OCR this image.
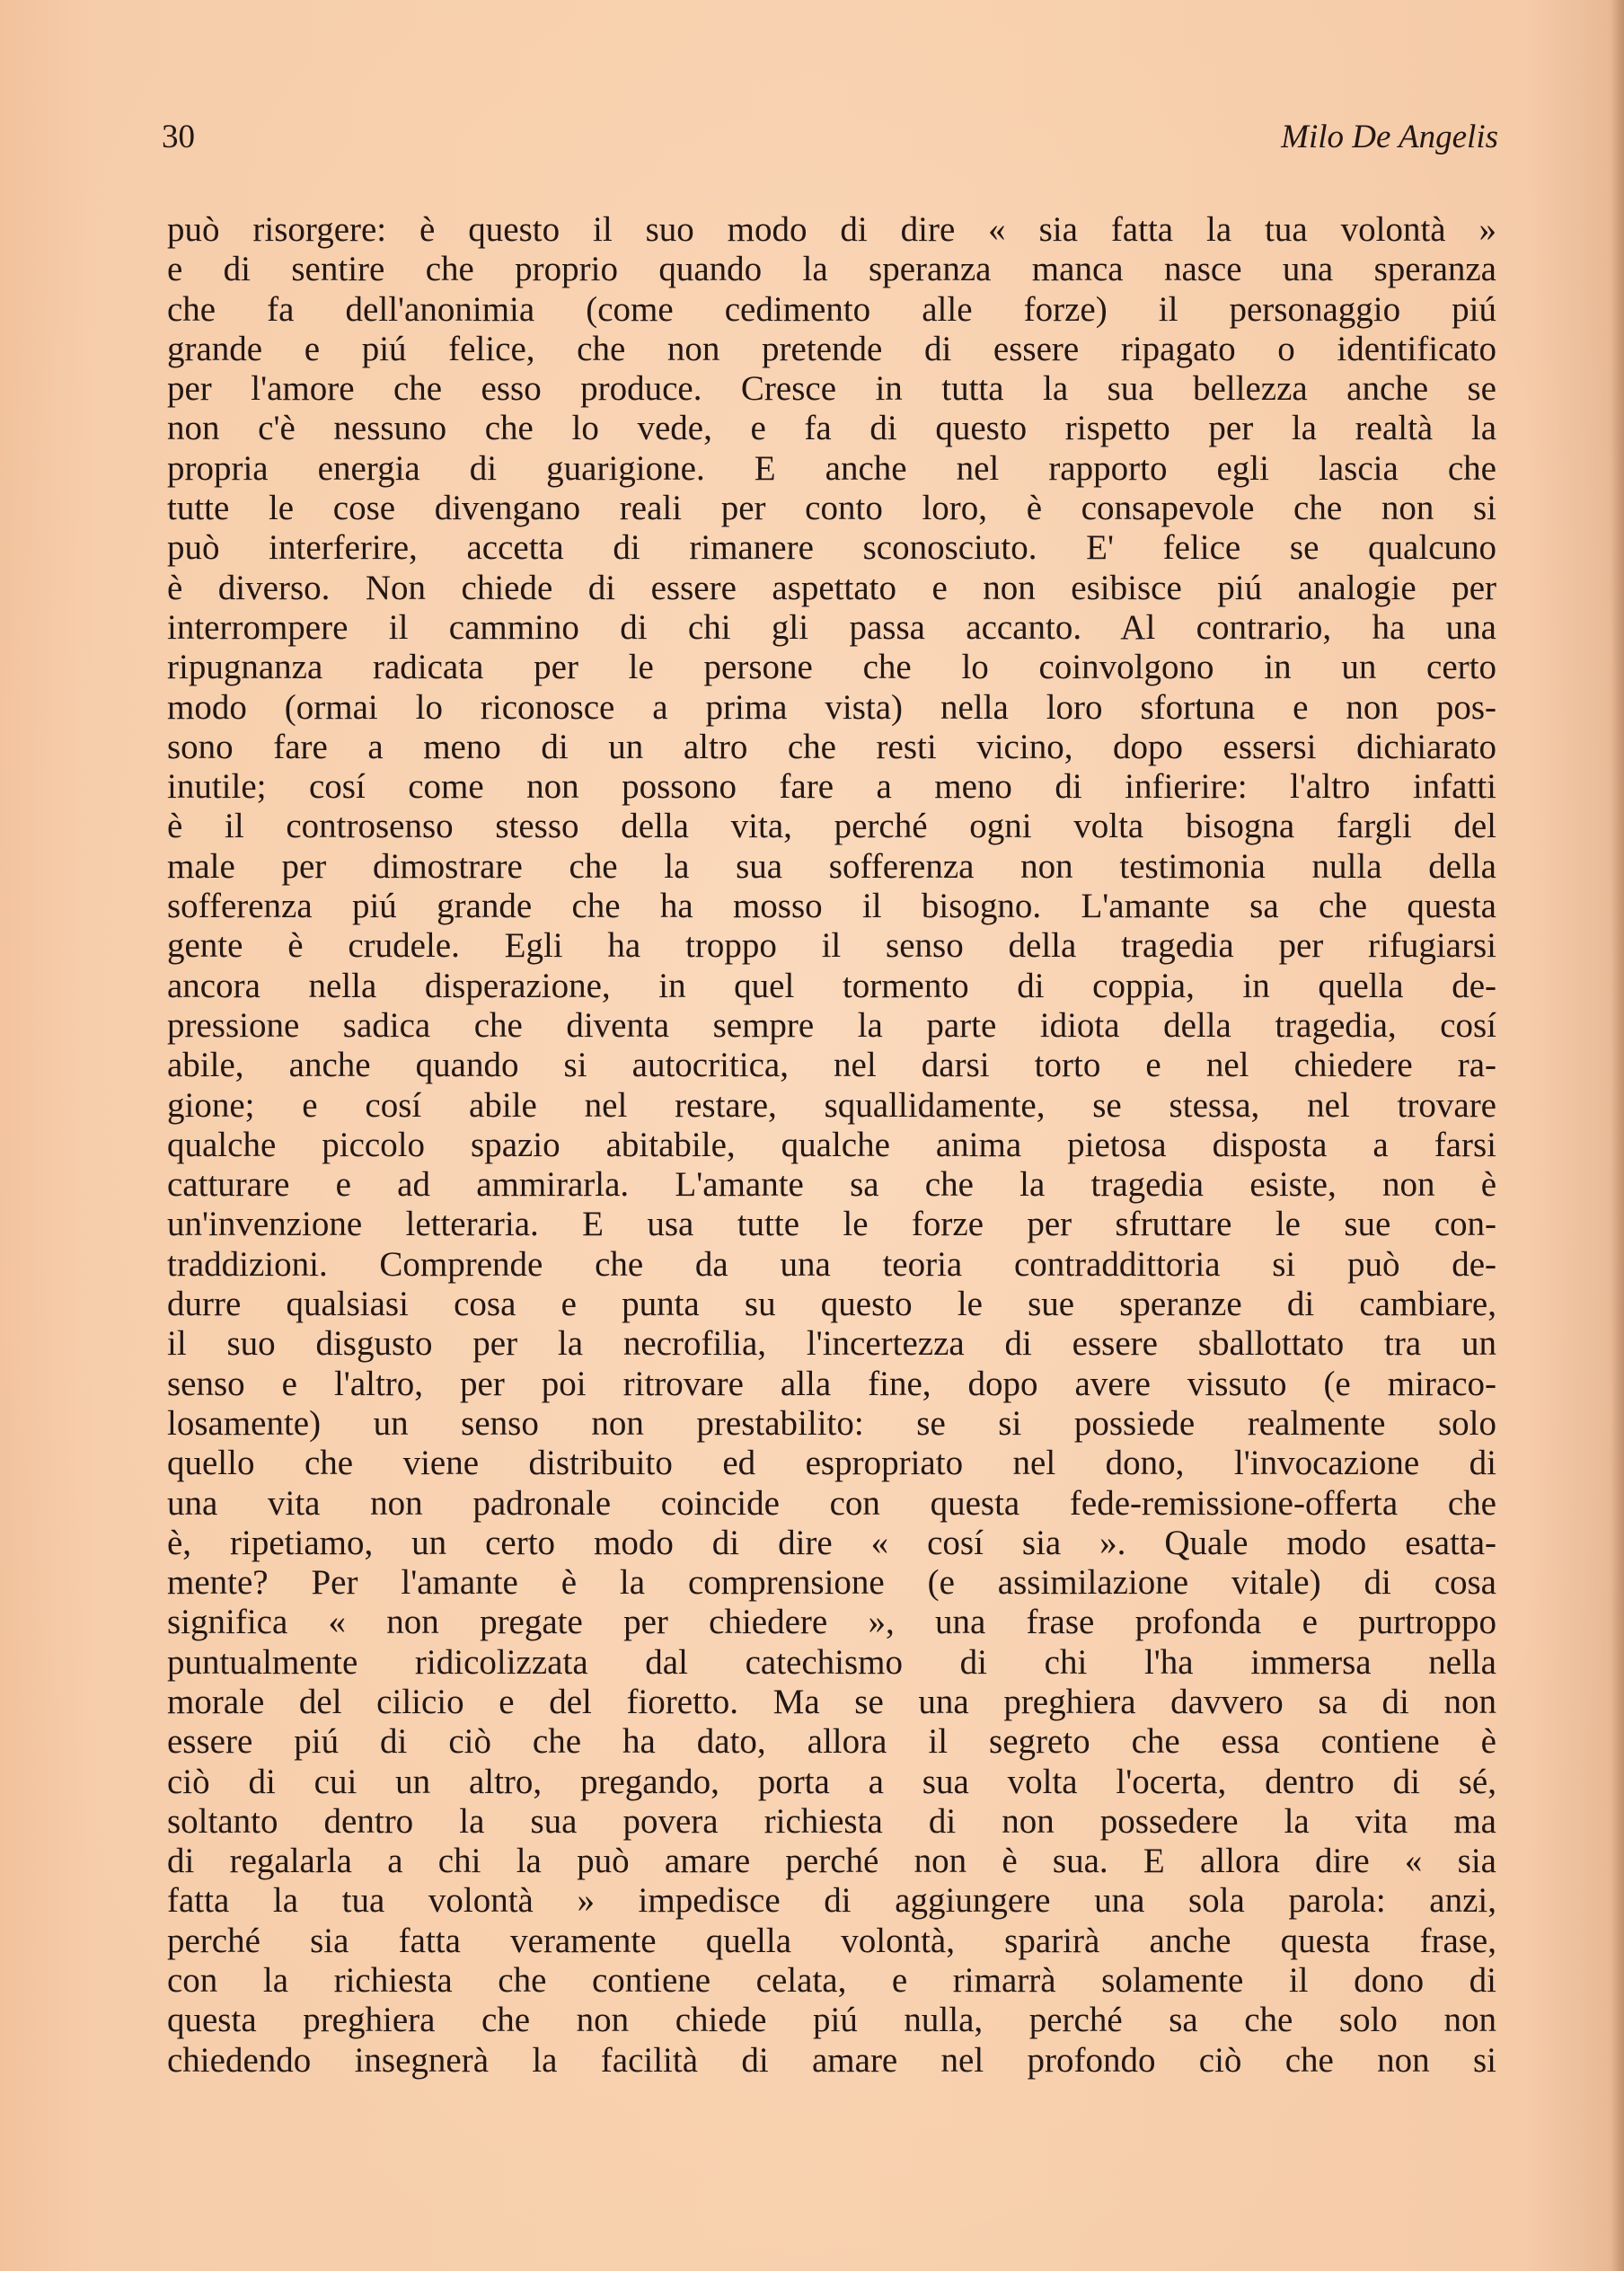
30	Milo De Angelis
può risorgere: è questo il suo modo di dire « sia fatta la tua volontà »
e di sentire che proprio quando la speranza manca nasce una speranza
che fa dell'anonimia (come cedimento alle forze) il personaggio piú
grande e piú felice, che non pretende di essere ripagato o identificato
per l'amore che esso produce. Cresce in tutta la sua bellezza anche se
non c'è nessuno che lo vede, e fa di questo rispetto per la realtà la
propria energia di guarigione. E anche nel rapporto egli lascia che
tutte le cose divengano reali per conto loro, è consapevole che non si
può interferire, accetta di rimanere sconosciuto. E' felice se qualcuno
è diverso. Non chiede di essere aspettato e non esibisce piú analogie per
interrompere il cammino di chi gli passa accanto. Al contrario, ha una
ripugnanza radicata per le persone che lo coinvolgono in un certo
modo (ormai lo riconosce a prima vista) nella loro sfortuna e non pos-
sono fare a meno di un altro che resti vicino, dopo essersi dichiarato
inutile; cosí come non possono fare a meno di infierire: l'altro infatti
è il controsenso stesso della vita, perché ogni volta bisogna fargli del
male per dimostrare che la sua sofferenza non testimonia nulla della
sofferenza piú grande che ha mosso il bisogno. L'amante sa che questa
gente è crudele. Egli ha troppo il senso della tragedia per rifugiarsi
ancora nella disperazione, in quel tormento di coppia, in quella de-
pressione sadica che diventa sempre la parte idiota della tragedia, cosí
abile, anche quando si autocritica, nel darsi torto e nel chiedere ra-
gione; e cosí abile nel restare, squallidamente, se stessa, nel trovare
qualche piccolo spazio abitabile, qualche anima pietosa disposta a farsi
catturare e ad ammirarla. L'amante sa che la tragedia esiste, non è
un'invenzione letteraria. E usa tutte le forze per sfruttare le sue con-
traddizioni. Comprende che da una teoria contraddittoria si può de-
durre qualsiasi cosa e punta su questo le sue speranze di cambiare,
il suo disgusto per la necrofilia, l'incertezza di essere sballottato tra un
senso e l'altro, per poi ritrovare alla fine, dopo avere vissuto (e miraco-
losamente) un senso non prestabilito: se si possiede realmente solo
quello che viene distribuito ed espropriato nel dono, l'invocazione di
una vita non padronale coincide con questa fede-remissione-offerta che
è, ripetiamo, un certo modo di dire « cosí sia ». Quale modo esatta-
mente? Per l'amante è la comprensione (e assimilazione vitale) di cosa
significa « non pregate per chiedere », una frase profonda e purtroppo
puntualmente ridicolizzata dal catechismo di chi l'ha immersa nella
morale del cilicio e del fioretto. Ma se una preghiera davvero sa di non
essere piú di ciò che ha dato, allora il segreto che essa contiene è
ciò di cui un altro, pregando, porta a sua volta l'ocerta, dentro di sé,
soltanto dentro la sua povera richiesta di non possedere la vita ma
di regalarla a chi la può amare perché non è sua. E allora dire « sia
fatta la tua volontà » impedisce di aggiungere una sola parola: anzi,
perché sia fatta veramente quella volontà, sparirà anche questa frase,
con la richiesta che contiene celata, e rimarrà solamente il dono di
questa preghiera che non chiede piú nulla, perché sa che solo non
chiedendo insegnerà la facilità di amare nel profondo ciò che non si
